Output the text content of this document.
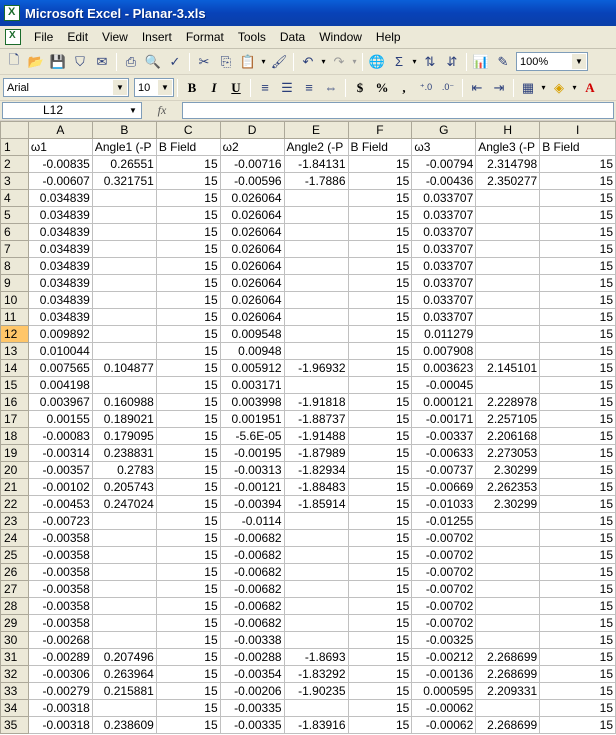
X
Microsoft Excel - Planar-3.xls
X
File	Edit	View	Insert	Format	Tools	Data	Window	Help
🗋 📂 💾 ⛉ ✉	⎙ 🔍 ✓	✂ ⎘ 📋 ▾ 🖌	↶	▾ ↷	▾ 🌐 Σ	▾ ⇅ ⇵	📊 ✎	100%	▼
Arial	▼ 10	▼	B	I	U	≡ ☰ ≡ ⇔	$ %	,	⁺.0	.0⁻	⇤ ⇥	▦ ▾ ◈	▾ A
L12	▼	fx
	A	B	C	D	E	F	G	H	I
1	ω1	Angle1 (-P	B Field	ω2	Angle2 (-P	B Field	ω3	Angle3 (-P	B Field
2	-0.00835	0.26551	15	-0.00716	-1.84131	15	-0.00794	2.314798	15
3	-0.00607	0.321751	15	-0.00596	-1.7886	15	-0.00436	2.350277	15
4	0.034839		15	0.026064		15	0.033707		15
5	0.034839		15	0.026064		15	0.033707		15
6	0.034839		15	0.026064		15	0.033707		15
7	0.034839		15	0.026064		15	0.033707		15
8	0.034839		15	0.026064		15	0.033707		15
9	0.034839		15	0.026064		15	0.033707		15
10	0.034839		15	0.026064		15	0.033707		15
11	0.034839		15	0.026064		15	0.033707		15
12	0.009892		15	0.009548		15	0.011279		15
13	0.010044		15	0.00948		15	0.007908		15
14	0.007565	0.104877	15	0.005912	-1.96932	15	0.003623	2.145101	15
15	0.004198		15	0.003171		15	-0.00045		15
16	0.003967	0.160988	15	0.003998	-1.91818	15	0.000121	2.228978	15
17	0.00155	0.189021	15	0.001951	-1.88737	15	-0.00171	2.257105	15
18	-0.00083	0.179095	15	-5.6E-05	-1.91488	15	-0.00337	2.206168	15
19	-0.00314	0.238831	15	-0.00195	-1.87989	15	-0.00633	2.273053	15
20	-0.00357	0.2783	15	-0.00313	-1.82934	15	-0.00737	2.30299	15
21	-0.00102	0.205743	15	-0.00121	-1.88483	15	-0.00669	2.262353	15
22	-0.00453	0.247024	15	-0.00394	-1.85914	15	-0.01033	2.30299	15
23	-0.00723		15	-0.0114		15	-0.01255		15
24	-0.00358		15	-0.00682		15	-0.00702		15
25	-0.00358		15	-0.00682		15	-0.00702		15
26	-0.00358		15	-0.00682		15	-0.00702		15
27	-0.00358		15	-0.00682		15	-0.00702		15
28	-0.00358		15	-0.00682		15	-0.00702		15
29	-0.00358		15	-0.00682		15	-0.00702		15
30	-0.00268		15	-0.00338		15	-0.00325		15
31	-0.00289	0.207496	15	-0.00288	-1.8693	15	-0.00212	2.268699	15
32	-0.00306	0.263964	15	-0.00354	-1.83292	15	-0.00136	2.268699	15
33	-0.00279	0.215881	15	-0.00206	-1.90235	15	0.000595	2.209331	15
34	-0.00318		15	-0.00335		15	-0.00062		15
35	-0.00318	0.238609	15	-0.00335	-1.83916	15	-0.00062	2.268699	15
